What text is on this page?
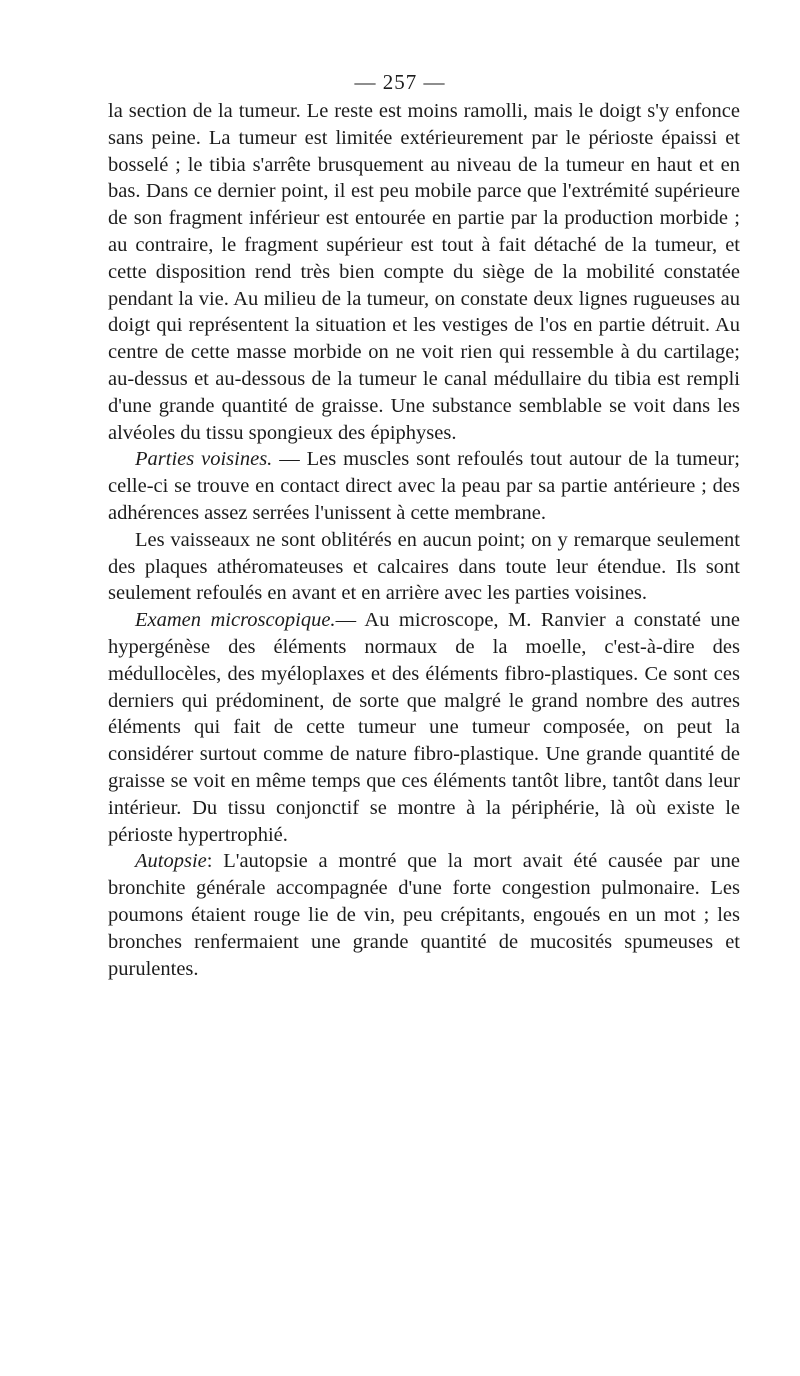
— 257 —

la section de la tumeur. Le reste est moins ramolli, mais le doigt s'y enfonce sans peine. La tumeur est limitée extérieurement par le périoste épaissi et bosselé ; le tibia s'arrête brusquement au niveau de la tumeur en haut et en bas. Dans ce dernier point, il est peu mobile parce que l'extrémité supérieure de son fragment inférieur est entourée en partie par la production morbide ; au contraire, le fragment supérieur est tout à fait détaché de la tumeur, et cette disposition rend très bien compte du siège de la mobilité constatée pendant la vie. Au milieu de la tumeur, on constate deux lignes rugueuses au doigt qui représentent la situation et les vestiges de l'os en partie détruit. Au centre de cette masse morbide on ne voit rien qui ressemble à du cartilage; au-dessus et au-dessous de la tumeur le canal médullaire du tibia est rempli d'une grande quantité de graisse. Une substance semblable se voit dans les alvéoles du tissu spongieux des épiphyses.

Parties voisines. — Les muscles sont refoulés tout autour de la tumeur; celle-ci se trouve en contact direct avec la peau par sa partie antérieure ; des adhérences assez serrées l'unissent à cette membrane.

Les vaisseaux ne sont oblitérés en aucun point; on y remarque seulement des plaques athéromateuses et calcaires dans toute leur étendue. Ils sont seulement refoulés en avant et en arrière avec les parties voisines.

Examen microscopique.— Au microscope, M. Ranvier a constaté une hypergénèse des éléments normaux de la moelle, c'est-à-dire des médullocèles, des myéloplaxes et des éléments fibro-plastiques. Ce sont ces derniers qui prédominent, de sorte que malgré le grand nombre des autres éléments qui fait de cette tumeur une tumeur composée, on peut la considérer surtout comme de nature fibro-plastique. Une grande quantité de graisse se voit en même temps que ces éléments tantôt libre, tantôt dans leur intérieur. Du tissu conjonctif se montre à la périphérie, là où existe le périoste hypertrophié.

Autopsie: L'autopsie a montré que la mort avait été causée par une bronchite générale accompagnée d'une forte congestion pulmonaire. Les poumons étaient rouge lie de vin, peu crépitants, engoués en un mot ; les bronches renfermaient une grande quantité de mucosités spumeuses et purulentes.
